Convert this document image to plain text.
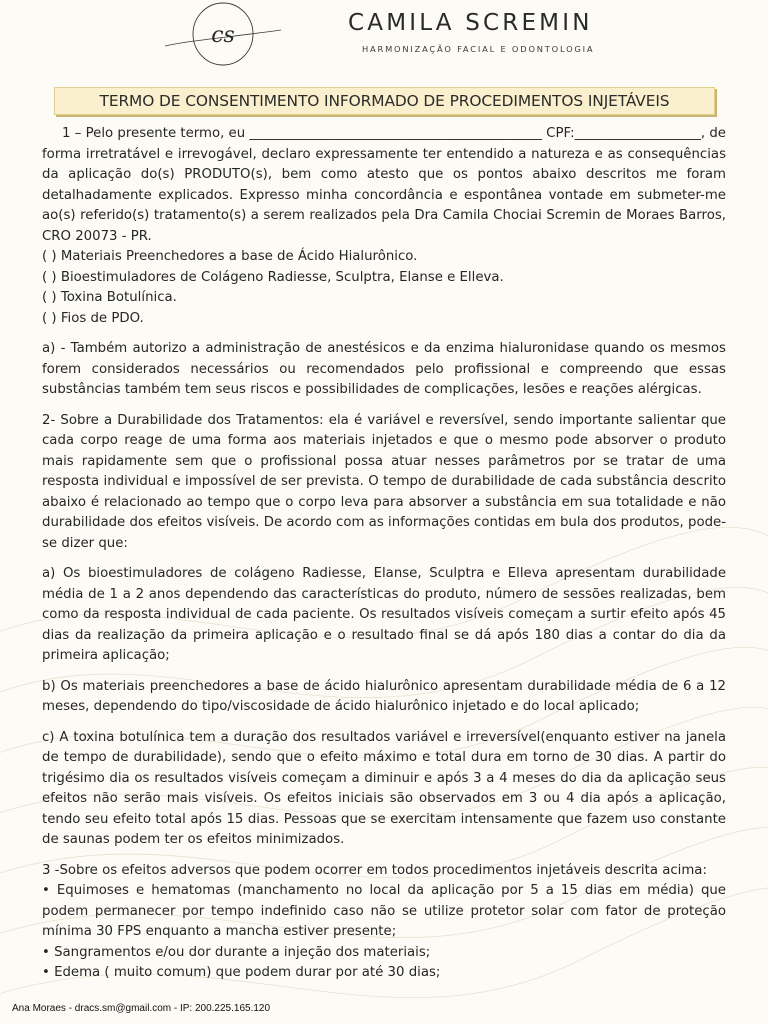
cs	CAMILA SCREMIN
HARMONIZAÇÃO FACIAL E ODONTOLOGIA
TERMO DE CONSENTIMENTO INFORMADO DE PROCEDIMENTOS INJETÁVEIS

1 – Pelo presente termo, eu ____________________________________________ CPF:___________________, de forma irretratável e irrevogável, declaro expressamente ter entendido a natureza e as consequências da aplicação do(s) PRODUTO(s), bem como atesto que os pontos abaixo descritos me foram detalhadamente explicados. Expresso minha concordância e espontânea vontade em submeter-me ao(s) referido(s) tratamento(s) a serem realizados pela Dra Camila Chociai Scremin de Moraes Barros, CRO 20073 - PR.

( ) Materiais Preenchedores a base de Ácido Hialurônico.

( ) Bioestimuladores de Colágeno Radiesse, Sculptra, Elanse e Elleva.

( ) Toxina Botulínica.

( ) Fios de PDO.

a) - Também autorizo a administração de anestésicos e da enzima hialuronidase quando os mesmos forem considerados necessários ou recomendados pelo profissional e compreendo que essas substâncias também tem seus riscos e possibilidades de complicações, lesões e reações alérgicas.

2- Sobre a Durabilidade dos Tratamentos: ela é variável e reversível, sendo importante salientar que cada corpo reage de uma forma aos materiais injetados e que o mesmo pode absorver o produto mais rapidamente sem que o profissional possa atuar nesses parâmetros por se tratar de uma resposta individual e impossível de ser prevista. O tempo de durabilidade de cada substância descrito abaixo é relacionado ao tempo que o corpo leva para absorver a substância em sua totalidade e não durabilidade dos efeitos visíveis. De acordo com as informações contidas em bula dos produtos, pode-se dizer que:

a) Os bioestimuladores de colágeno Radiesse, Elanse, Sculptra e Elleva apresentam durabilidade média de 1 a 2 anos dependendo das características do produto, número de sessões realizadas, bem como da resposta individual de cada paciente. Os resultados visíveis começam a surtir efeito após 45 dias da realização da primeira aplicação e o resultado final se dá após 180 dias a contar do dia da primeira aplicação;

b) Os materiais preenchedores a base de ácido hialurônico apresentam durabilidade média de 6 a 12 meses, dependendo do tipo/viscosidade de ácido hialurônico injetado e do local aplicado;

c) A toxina botulínica tem a duração dos resultados variável e irreversível(enquanto estiver na janela de tempo de durabilidade), sendo que o efeito máximo e total dura em torno de 30 dias. A partir do trigésimo dia os resultados visíveis começam a diminuir e após 3 a 4 meses do dia da aplicação seus efeitos não serão mais visíveis. Os efeitos iniciais são observados em 3 ou 4 dia após a aplicação, tendo seu efeito total após 15 dias. Pessoas que se exercitam intensamente que fazem uso constante de saunas podem ter os efeitos minimizados.

3 -Sobre os efeitos adversos que podem ocorrer em todos procedimentos injetáveis descrita acima:

• Equimoses e hematomas (manchamento no local da aplicação por 5 a 15 dias em média) que podem permanecer por tempo indefinido caso não se utilize protetor solar com fator de proteção mínima 30 FPS enquanto a mancha estiver presente;

• Sangramentos e/ou dor durante a injeção dos materiais;

• Edema ( muito comum) que podem durar por até 30 dias;

Ana Moraes - dracs.sm@gmail.com - IP: 200.225.165.120
